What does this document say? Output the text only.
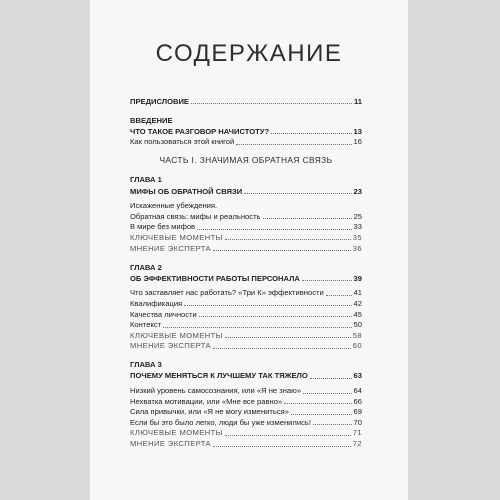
СОДЕРЖАНИЕ
ПРЕДИСЛОВИЕ	11
ВВЕДЕНИЕ
ЧТО ТАКОЕ РАЗГОВОР НАЧИСТОТУ?	13
Как пользоваться этой книгой	16
ЧАСТЬ I. ЗНАЧИМАЯ ОБРАТНАЯ СВЯЗЬ
ГЛАВА 1
МИФЫ ОБ ОБРАТНОЙ СВЯЗИ	23
Искаженные убеждения.
Обратная связь: мифы и реальность	25
В мире без мифов	33
КЛЮЧЕВЫЕ МОМЕНТЫ	35
МНЕНИЕ ЭКСПЕРТА	36
ГЛАВА 2
ОБ ЭФФЕКТИВНОСТИ РАБОТЫ ПЕРСОНАЛА	39
Что заставляет нас работать? «Три К» эффективности	41
Квалификация	42
Качества личности	45
Контекст	50
КЛЮЧЕВЫЕ МОМЕНТЫ	58
МНЕНИЕ ЭКСПЕРТА	60
ГЛАВА 3
ПОЧЕМУ МЕНЯТЬСЯ К ЛУЧШЕМУ ТАК ТЯЖЕЛО	63
Низкий уровень самосознания, или «Я не знаю»	64
Нехватка мотивации, или «Мне все равно»	66
Сила привычки, или «Я не могу измениться»	69
Если бы это было легко, люди бы уже изменились!	70
КЛЮЧЕВЫЕ МОМЕНТЫ	71
МНЕНИЕ ЭКСПЕРТА	72
